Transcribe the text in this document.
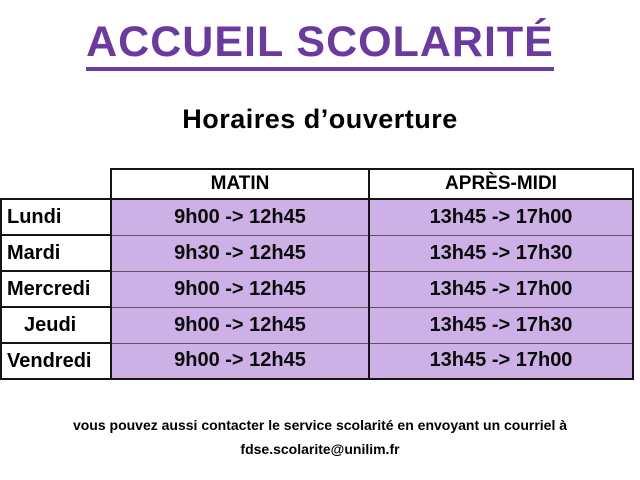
ACCUEIL SCOLARITÉ
Horaires d’ouverture
	MATIN	APRÈS-MIDI
Lundi	9h00 -> 12h45	13h45 -> 17h00
Mardi	9h30 -> 12h45	13h45 -> 17h30
Mercredi	9h00 -> 12h45	13h45 -> 17h00
Jeudi	9h00 -> 12h45	13h45 -> 17h30
Vendredi	9h00 -> 12h45	13h45 -> 17h00
vous pouvez aussi contacter le service scolarité en envoyant un courriel à
fdse.scolarite@unilim.fr
